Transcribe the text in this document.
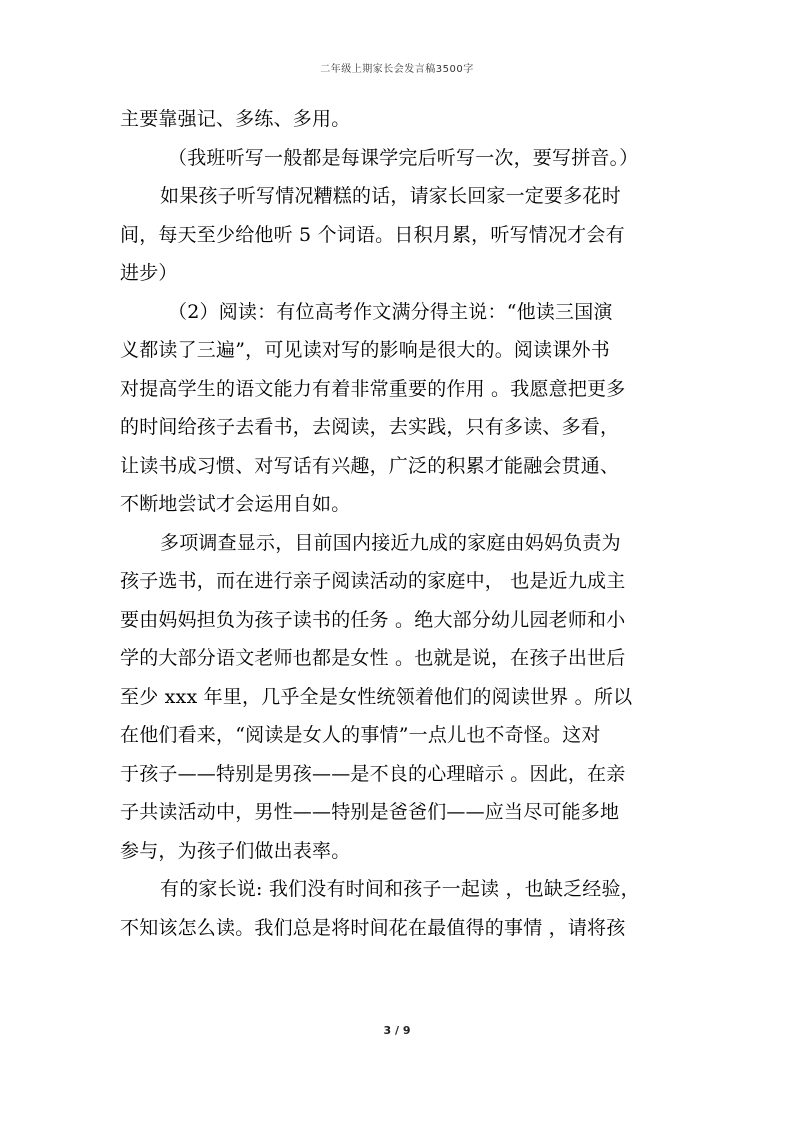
二年级上期家长会发言稿3500字
主要靠强记、多练、多用。
（我班听写一般都是每课学完后听写一次，要写拼音。）
如果孩子听写情况糟糕的话，请家长回家一定要多花时
间，每天至少给他听 5 个词语。日积月累，听写情况才会有
进步）
（2）阅读：有位高考作文满分得主说：“他读三国演
义都读了三遍”，可见读对写的影响是很大的。阅读课外书
对提高学生的语文能力有着非常重要的作用 。我愿意把更多
的时间给孩子去看书，去阅读，去实践，只有多读、多看，
让读书成习惯、对写话有兴趣，广泛的积累才能融会贯通、
不断地尝试才会运用自如。
多项调查显示，目前国内接近九成的家庭由妈妈负责为
孩子选书，而在进行亲子阅读活动的家庭中， 也是近九成主
要由妈妈担负为孩子读书的任务 。绝大部分幼儿园老师和小
学的大部分语文老师也都是女性 。也就是说，在孩子出世后
至少 xxx 年里，几乎全是女性统领着他们的阅读世界 。所以
在他们看来，“阅读是女人的事情”一点儿也不奇怪。这对
于孩子——特别是男孩——是不良的心理暗示 。因此，在亲
子共读活动中，男性——特别是爸爸们——应当尽可能多地
参与，为孩子们做出表率。
有的家长说: 我们没有时间和孩子一起读 ，也缺乏经验，
不知该怎么读。我们总是将时间花在最值得的事情 ，请将孩
3 / 9
